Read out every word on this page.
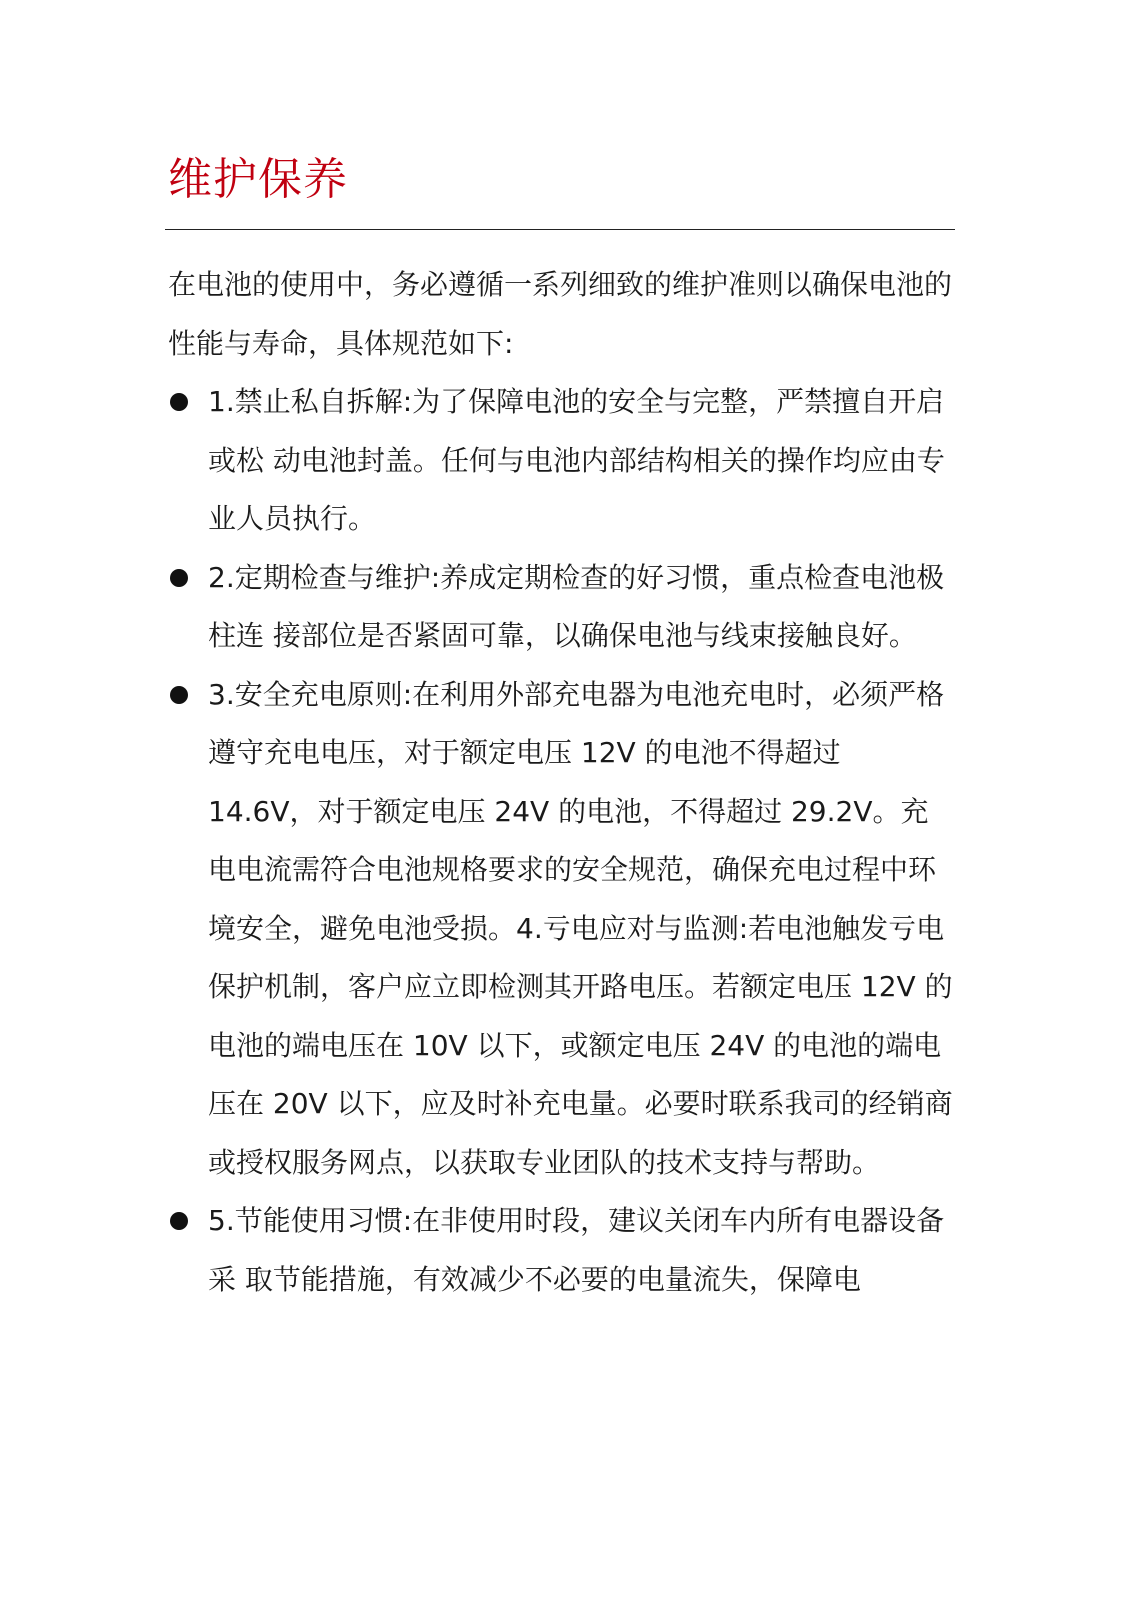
维护保养

在电池的使用中，务必遵循一系列细致的维护准则以确保电池的性能与寿命，具体规范如下:

1.禁止私自拆解:为了保障电池的安全与完整，严禁擅自开启或松 动电池封盖。任何与电池内部结构相关的操作均应由专业人员执行。
2.定期检查与维护:养成定期检查的好习惯，重点检查电池极柱连 接部位是否紧固可靠，以确保电池与线束接触良好。
3.安全充电原则:在利用外部充电器为电池充电时，必须严格遵守充电电压，对于额定电压 12V 的电池不得超过 14.6V，对于额定电压 24V 的电池，不得超过 29.2V。充电电流需符合电池规格要求的安全规范，确保充电过程中环境安全，避免电池受损。4.亏电应对与监测:若电池触发亏电保护机制，客户应立即检测其开路电压。若额定电压 12V 的电池的端电压在 10V 以下，或额定电压 24V 的电池的端电压在 20V 以下，应及时补充电量。必要时联系我司的经销商或授权服务网点，以获取专业团队的技术支持与帮助。
5.节能使用习惯:在非使用时段，建议关闭车内所有电器设备采 取节能措施，有效减少不必要的电量流失，保障电
